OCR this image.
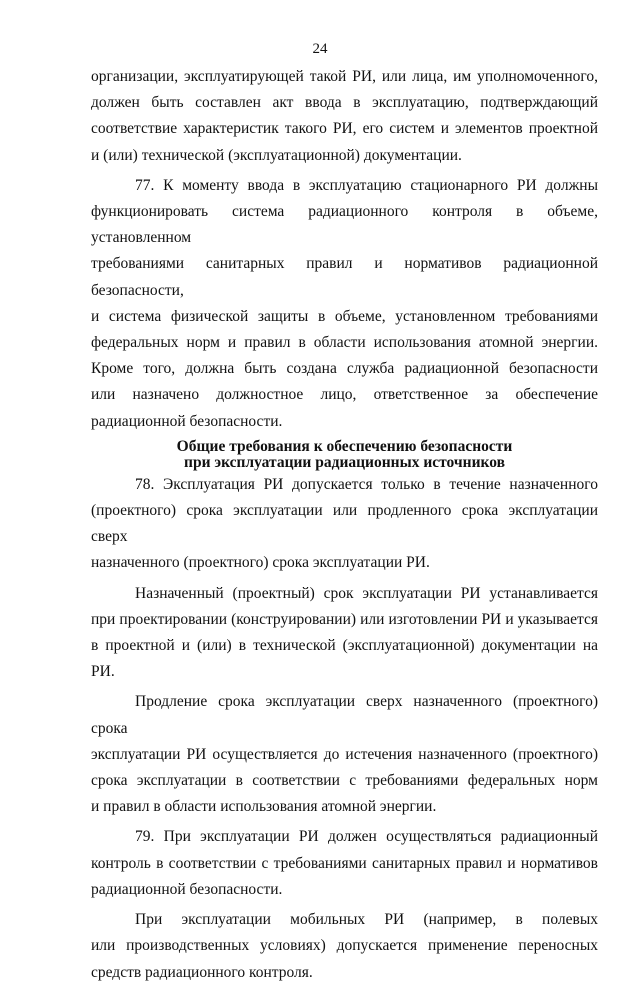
24

организации, эксплуатирующей такой РИ, или лица, им уполномоченного,

должен быть составлен акт ввода в эксплуатацию, подтверждающий

соответствие характеристик такого РИ, его систем и элементов проектной

и (или) технической (эксплуатационной) документации.

77. К моменту ввода в эксплуатацию стационарного РИ должны

функционировать система радиационного контроля в объеме, установленном

требованиями санитарных правил и нормативов радиационной безопасности,

и система физической защиты в объеме, установленном требованиями

федеральных норм и правил в области использования атомной энергии.

Кроме того, должна быть создана служба радиационной безопасности

или назначено должностное лицо, ответственное за обеспечение

радиационной безопасности.

Общие требования к обеспечению безопасности
при эксплуатации радиационных источников

78. Эксплуатация РИ допускается только в течение назначенного

(проектного) срока эксплуатации или продленного срока эксплуатации сверх

назначенного (проектного) срока эксплуатации РИ.

Назначенный (проектный) срок эксплуатации РИ устанавливается

при проектировании (конструировании) или изготовлении РИ и указывается

в проектной и (или) в технической (эксплуатационной) документации на РИ.

Продление срока эксплуатации сверх назначенного (проектного) срока

эксплуатации РИ осуществляется до истечения назначенного (проектного)

срока эксплуатации в соответствии с требованиями федеральных норм

и правил в области использования атомной энергии.

79. При эксплуатации РИ должен осуществляться радиационный

контроль в соответствии с требованиями санитарных правил и нормативов

радиационной безопасности.

При эксплуатации мобильных РИ (например, в полевых

или производственных условиях) допускается применение переносных

средств радиационного контроля.
